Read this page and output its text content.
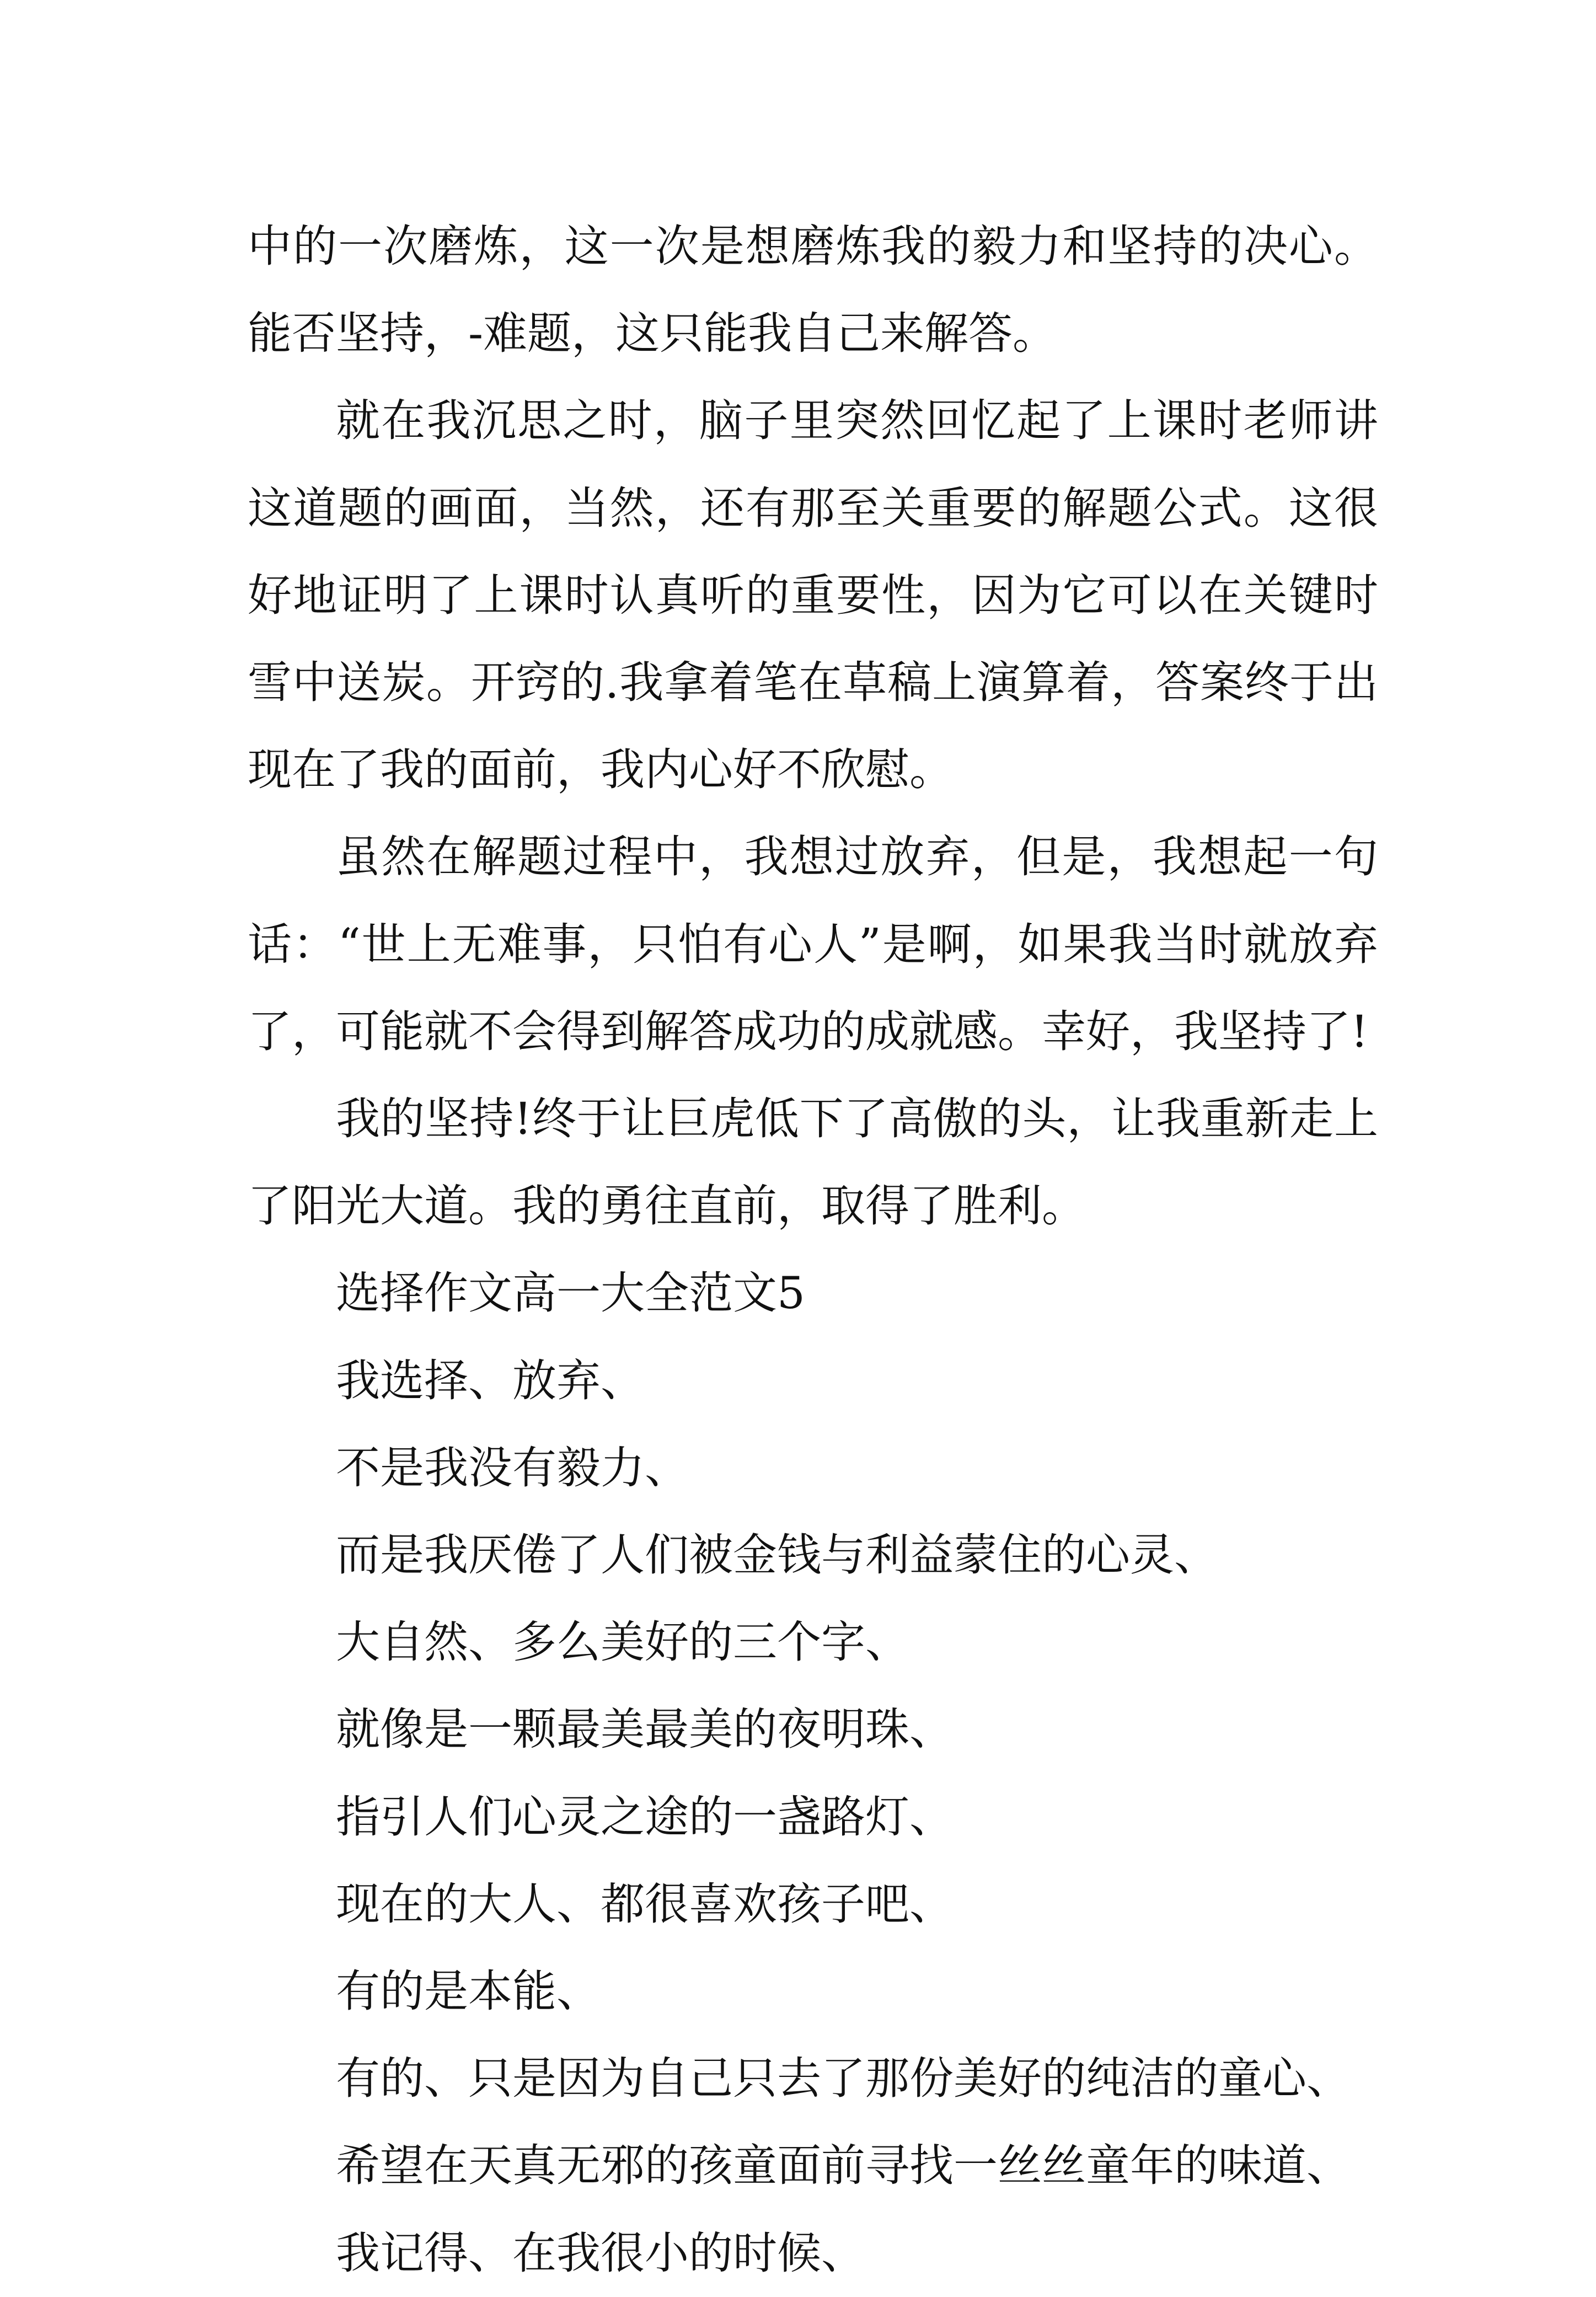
中的一次磨炼，这一次是想磨炼我的毅力和坚持的决心。能否坚持，-难题，这只能我自己来解答。

就在我沉思之时，脑子里突然回忆起了上课时老师讲这道题的画面，当然，还有那至关重要的解题公式。这很好地证明了上课时认真听的重要性，因为它可以在关键时雪中送炭。开窍的.我拿着笔在草稿上演算着，答案终于出现在了我的面前，我内心好不欣慰。

虽然在解题过程中，我想过放弃，但是，我想起一句话：“世上无难事，只怕有心人”是啊，如果我当时就放弃了，可能就不会得到解答成功的成就感。幸好，我坚持了!

我的坚持!终于让巨虎低下了高傲的头，让我重新走上了阳光大道。我的勇往直前，取得了胜利。

选择作文高一大全范文5

我选择、放弃、

不是我没有毅力、

而是我厌倦了人们被金钱与利益蒙住的心灵、

大自然、多么美好的三个字、

就像是一颗最美最美的夜明珠、

指引人们心灵之途的一盏路灯、

现在的大人、都很喜欢孩子吧、

有的是本能、

有的、只是因为自己只去了那份美好的纯洁的童心、

希望在天真无邪的孩童面前寻找一丝丝童年的味道、

我记得、在我很小的时候、
